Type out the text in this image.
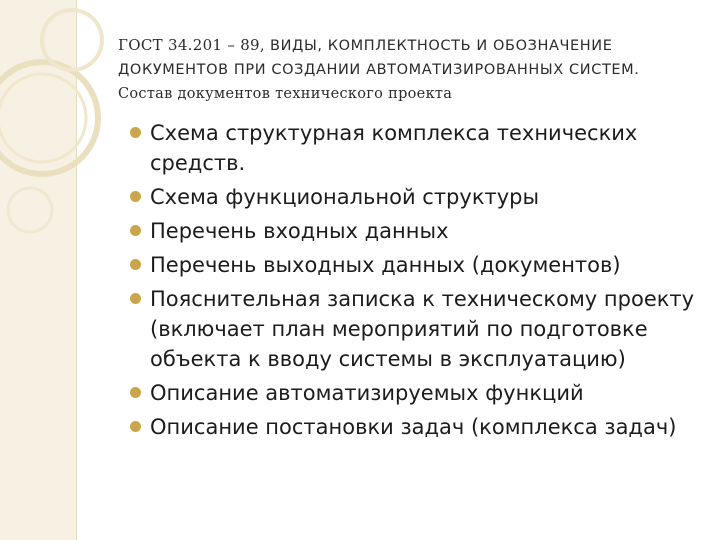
ГОСТ 34.201 – 89, ВИДЫ, КОМПЛЕКТНОСТЬ И ОБОЗНАЧЕНИЕ ДОКУМЕНТОВ ПРИ СОЗДАНИИ АВТОМАТИЗИРОВАННЫХ СИСТЕМ. Состав документов технического проекта
Схема структурная комплекса технических средств.
Схема функциональной структуры
Перечень входных данных
Перечень выходных данных (документов)
Пояснительная записка к техническому проекту (включает план мероприятий по подготовке объекта к вводу системы в эксплуатацию)
Описание автоматизируемых функций
Описание постановки задач (комплекса задач)
